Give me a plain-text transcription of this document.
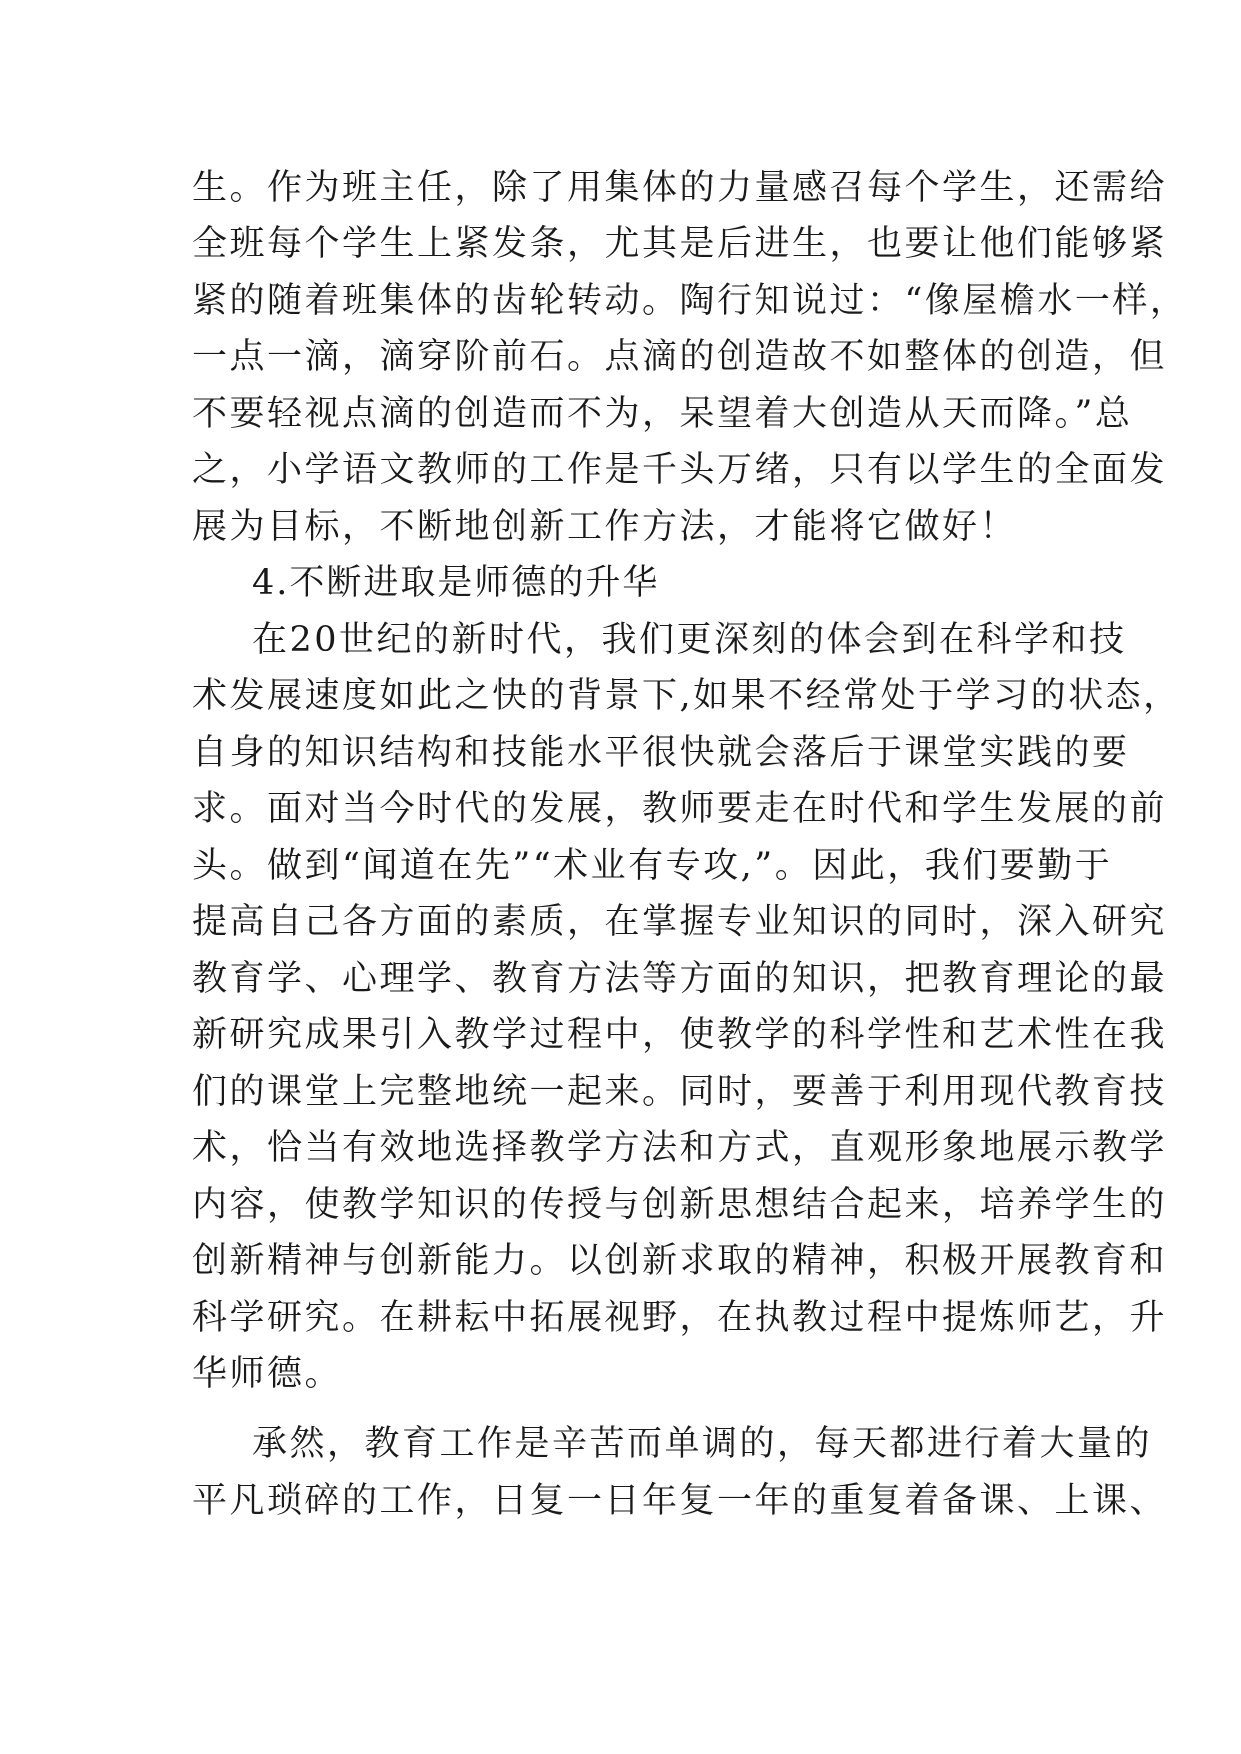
生。作为班主任，除了用集体的力量感召每个学生，还需给
全班每个学生上紧发条，尤其是后进生，也要让他们能够紧
紧的随着班集体的齿轮转动。陶行知说过：“像屋檐水一样，
一点一滴，滴穿阶前石。点滴的创造故不如整体的创造，但
不要轻视点滴的创造而不为，呆望着大创造从天而降。”总
之，小学语文教师的工作是千头万绪，只有以学生的全面发
展为目标，不断地创新工作方法，才能将它做好！
4.不断进取是师德的升华
在20世纪的新时代，我们更深刻的体会到在科学和技
术发展速度如此之快的背景下,如果不经常处于学习的状态，
自身的知识结构和技能水平很快就会落后于课堂实践的要
求。面对当今时代的发展，教师要走在时代和学生发展的前
头。做到“闻道在先”“术业有专攻,”。因此，我们要勤于
提高自己各方面的素质，在掌握专业知识的同时，深入研究
教育学、心理学、教育方法等方面的知识，把教育理论的最
新研究成果引入教学过程中，使教学的科学性和艺术性在我
们的课堂上完整地统一起来。同时，要善于利用现代教育技
术，恰当有效地选择教学方法和方式，直观形象地展示教学
内容，使教学知识的传授与创新思想结合起来，培养学生的
创新精神与创新能力。以创新求取的精神，积极开展教育和
科学研究。在耕耘中拓展视野，在执教过程中提炼师艺，升
华师德。
承然，教育工作是辛苦而单调的，每天都进行着大量的
平凡琐碎的工作，日复一日年复一年的重复着备课、上课、
